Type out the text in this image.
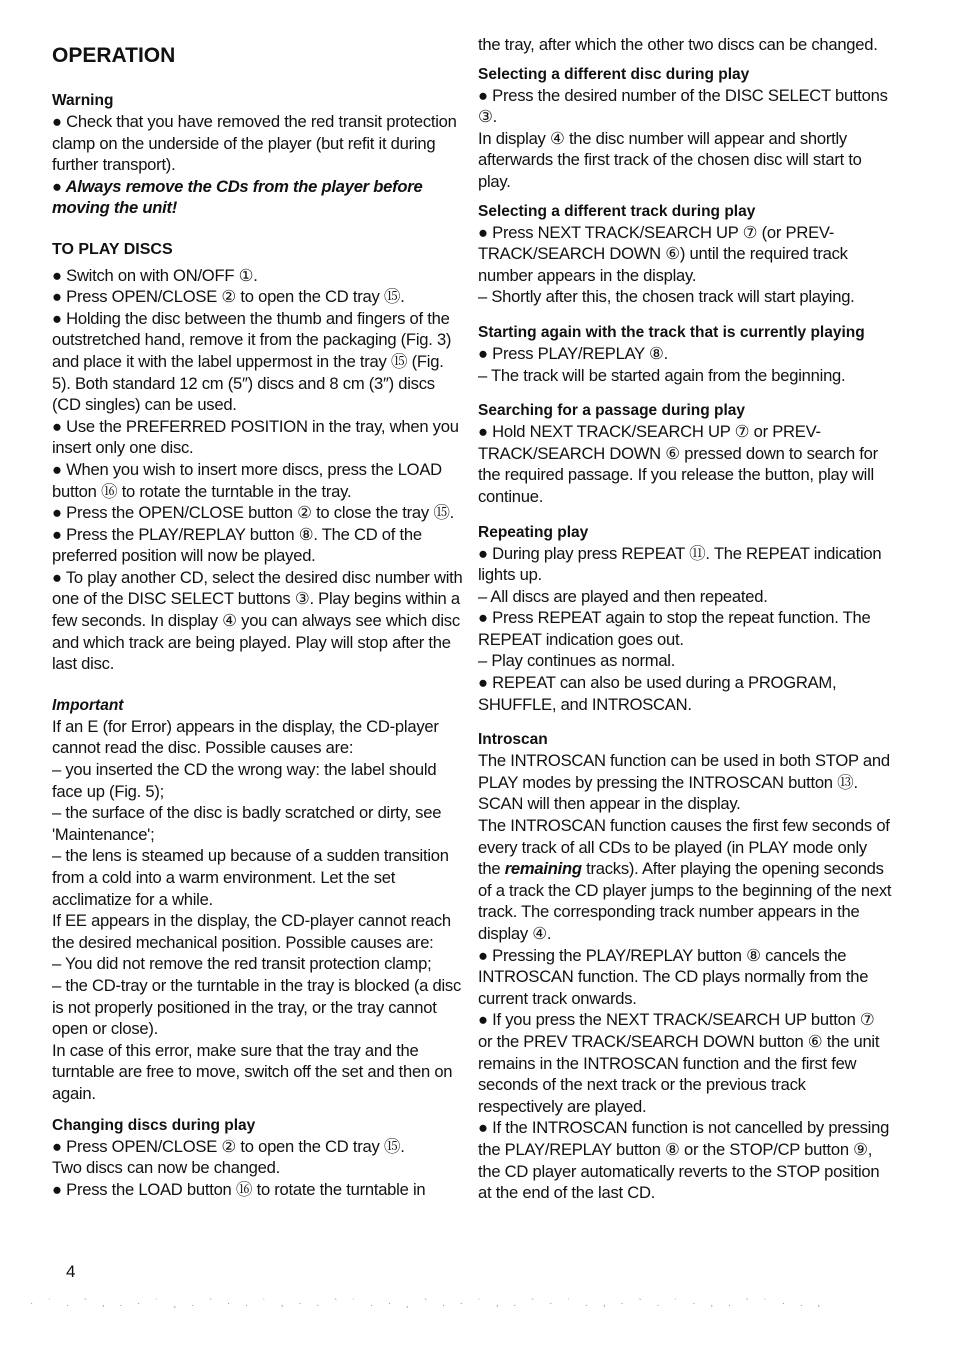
OPERATION
Warning

● Check that you have removed the red transit protection clamp on the underside of the player (but refit it during further transport).

● Always remove the CDs from the player before moving the unit!

TO PLAY DISCS

● Switch on with ON/OFF ①.

● Press OPEN/CLOSE ② to open the CD tray ⑮.

● Holding the disc between the thumb and fingers of the outstretched hand, remove it from the packaging (Fig. 3) and place it with the label uppermost in the tray ⑮ (Fig. 5). Both standard 12 cm (5″) discs and 8 cm (3″) discs (CD singles) can be used.

● Use the PREFERRED POSITION in the tray, when you insert only one disc.

● When you wish to insert more discs, press the LOAD button ⑯ to rotate the turntable in the tray.

● Press the OPEN/CLOSE button ② to close the tray ⑮.

● Press the PLAY/REPLAY button ⑧. The CD of the preferred position will now be played.

● To play another CD, select the desired disc number with one of the DISC SELECT buttons ③. Play begins within a few seconds. In display ④ you can always see which disc and which track are being played. Play will stop after the last disc.

Important

If an E (for Error) appears in the display, the CD-player cannot read the disc. Possible causes are:

– you inserted the CD the wrong way: the label should face up (Fig. 5);

– the surface of the disc is badly scratched or dirty, see 'Maintenance';

– the lens is steamed up because of a sudden transition from a cold into a warm environment. Let the set acclimatize for a while.

If EE appears in the display, the CD-player cannot reach the desired mechanical position. Possible causes are:

– You did not remove the red transit protection clamp;

– the CD-tray or the turntable in the tray is blocked (a disc is not properly positioned in the tray, or the tray cannot open or close).

In case of this error, make sure that the tray and the turntable are free to move, switch off the set and then on again.

Changing discs during play

● Press OPEN/CLOSE ② to open the CD tray ⑮.

Two discs can now be changed.

● Press the LOAD button ⑯ to rotate the turntable in

the tray, after which the other two discs can be changed.

Selecting a different disc during play

● Press the desired number of the DISC SELECT buttons ③.

In display ④ the disc number will appear and shortly afterwards the first track of the chosen disc will start to play.

Selecting a different track during play

● Press NEXT TRACK/SEARCH UP ⑦ (or PREV-TRACK/SEARCH DOWN ⑥) until the required track number appears in the display.

– Shortly after this, the chosen track will start playing.

Starting again with the track that is currently playing

● Press PLAY/REPLAY ⑧.

– The track will be started again from the beginning.

Searching for a passage during play

● Hold NEXT TRACK/SEARCH UP ⑦ or PREV-TRACK/SEARCH DOWN ⑥ pressed down to search for the required passage. If you release the button, play will continue.

Repeating play

● During play press REPEAT ⑪. The REPEAT indication lights up.

– All discs are played and then repeated.

● Press REPEAT again to stop the repeat function. The REPEAT indication goes out.

– Play continues as normal.

● REPEAT can also be used during a PROGRAM, SHUFFLE, and INTROSCAN.

Introscan

The INTROSCAN function can be used in both STOP and PLAY modes by pressing the INTROSCAN button ⑬. SCAN will then appear in the display.

The INTROSCAN function causes the first few seconds of every track of all CDs to be played (in PLAY mode only the remaining tracks). After playing the opening seconds of a track the CD player jumps to the beginning of the next track. The corresponding track number appears in the display ④.

● Pressing the PLAY/REPLAY button ⑧ cancels the INTROSCAN function. The CD plays normally from the current track onwards.

● If you press the NEXT TRACK/SEARCH UP button ⑦ or the PREV TRACK/SEARCH DOWN button ⑥ the unit remains in the INTROSCAN function and the first few seconds of the next track or the previous track respectively are played.

● If the INTROSCAN function is not cancelled by pressing the PLAY/REPLAY button ⑧ or the STOP/CP button ⑨, the CD player automatically reverts to the STOP position at the end of the last CD.

4
· ˙ . ` , . · ˙ ¸ . ` · . ˙ , · . ` ˙ . · ¸ ` . · ˙ , . ` · ˙ . , · ` . ˙ · , . ` ˙ · . ,
